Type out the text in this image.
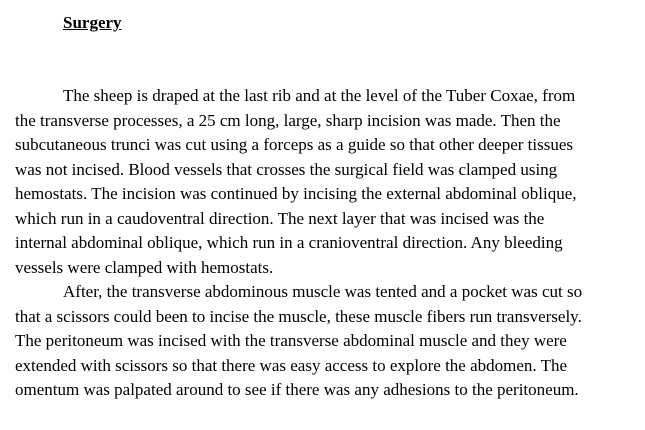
Surgery
The sheep is draped at the last rib and at the level of the Tuber Coxae, from
the transverse processes, a 25 cm long, large, sharp incision was made. Then the
subcutaneous trunci was cut using a forceps as a guide so that other deeper tissues
was not incised. Blood vessels that crosses the surgical field was clamped using
hemostats. The incision was continued by incising the external abdominal oblique,
which run in a caudoventral direction. The next layer that was incised was the
internal abdominal oblique, which run in a cranioventral direction. Any bleeding
vessels were clamped with hemostats.
After, the transverse abdominous muscle was tented and a pocket was cut so
that a scissors could been to incise the muscle, these muscle fibers run transversely.
The peritoneum was incised with the transverse abdominal muscle and they were
extended with scissors so that there was easy access to explore the abdomen. The
omentum was palpated around to see if there was any adhesions to the peritoneum.
